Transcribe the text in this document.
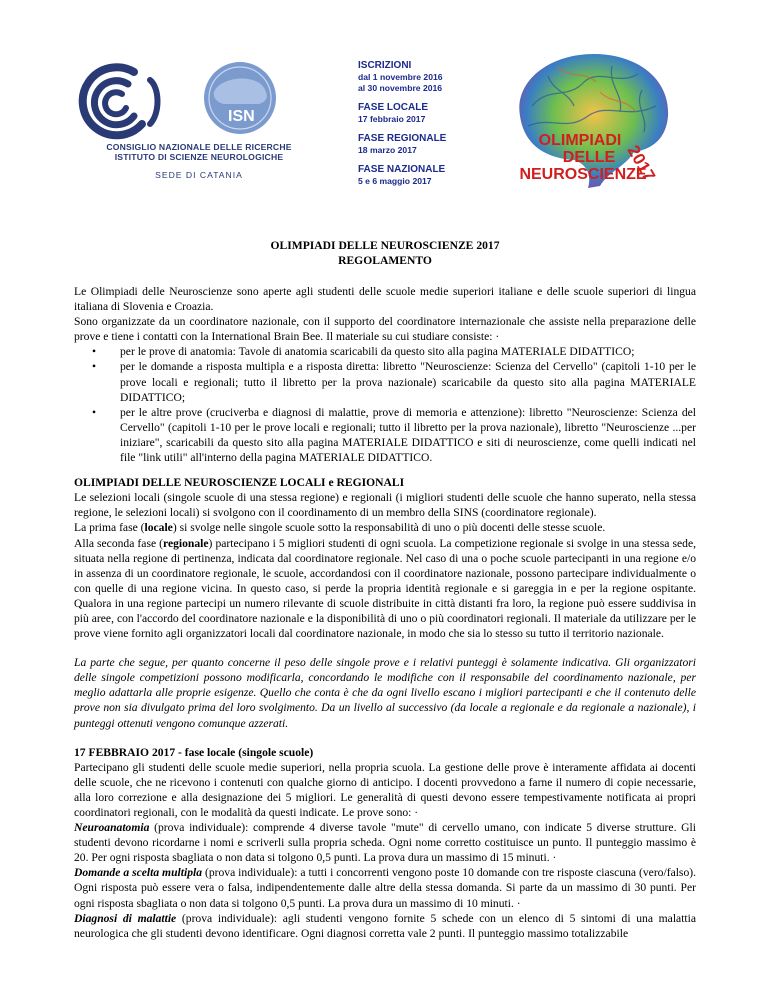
ISN
CONSIGLIO NAZIONALE DELLE RICERCHE
ISTITUTO DI SCIENZE NEUROLOGICHE
SEDE DI CATANIA
ISCRIZIONI
dal 1 novembre 2016
al 30 novembre 2016
FASE LOCALE
17 febbraio 2017
FASE REGIONALE
18 marzo 2017
FASE NAZIONALE
5 e 6 maggio 2017
OLIMPIADI
DELLE
NEUROSCIENZE
2017
OLIMPIADI DELLE NEUROSCIENZE 2017
REGOLAMENTO

Le Olimpiadi delle Neuroscienze sono aperte agli studenti delle scuole medie superiori italiane e delle scuole superiori di lingua italiana di Slovenia e Croazia.

Sono organizzate da un coordinatore nazionale, con il supporto del coordinatore internazionale che assiste nella preparazione delle prove e tiene i contatti con la International Brain Bee. Il materiale su cui studiare consiste: ·

• per le prove di anatomia: Tavole di anatomia scaricabili da questo sito alla pagina MATERIALE DIDATTICO;
• per le domande a risposta multipla e a risposta diretta: libretto "Neuroscienze: Scienza del Cervello" (capitoli 1-10 per le prove locali e regionali; tutto il libretto per la prova nazionale) scaricabile da questo sito alla pagina MATERIALE DIDATTICO;
• per le altre prove (cruciverba e diagnosi di malattie, prove di memoria e attenzione): libretto "Neuroscienze: Scienza del Cervello" (capitoli 1-10 per le prove locali e regionali; tutto il libretto per la prova nazionale), libretto "Neuroscienze ...per iniziare", scaricabili da questo sito alla pagina MATERIALE DIDATTICO e siti di neuroscienze, come quelli indicati nel file "link utili" all'interno della pagina MATERIALE DIDATTICO.

OLIMPIADI DELLE NEUROSCIENZE LOCALI e REGIONALI

Le selezioni locali (singole scuole di una stessa regione) e regionali (i migliori studenti delle scuole che hanno superato, nella stessa regione, le selezioni locali) si svolgono con il coordinamento di un membro della SINS (coordinatore regionale).

La prima fase (locale) si svolge nelle singole scuole sotto la responsabilità di uno o più docenti delle stesse scuole.

Alla seconda fase (regionale) partecipano i 5 migliori studenti di ogni scuola. La competizione regionale si svolge in una stessa sede, situata nella regione di pertinenza, indicata dal coordinatore regionale. Nel caso di una o poche scuole partecipanti in una regione e/o in assenza di un coordinatore regionale, le scuole, accordandosi con il coordinatore nazionale, possono partecipare individualmente o con quelle di una regione vicina. In questo caso, si perde la propria identità regionale e si gareggia in e per la regione ospitante. Qualora in una regione partecipi un numero rilevante di scuole distribuite in città distanti fra loro, la regione può essere suddivisa in più aree, con l'accordo del coordinatore nazionale e la disponibilità di uno o più coordinatori regionali. Il materiale da utilizzare per le prove viene fornito agli organizzatori locali dal coordinatore nazionale, in modo che sia lo stesso su tutto il territorio nazionale.

La parte che segue, per quanto concerne il peso delle singole prove e i relativi punteggi è solamente indicativa. Gli organizzatori delle singole competizioni possono modificarla, concordando le modifiche con il responsabile del coordinamento nazionale, per meglio adattarla alle proprie esigenze. Quello che conta è che da ogni livello escano i migliori partecipanti e che il contenuto delle prove non sia divulgato prima del loro svolgimento. Da un livello al successivo (da locale a regionale e da regionale a nazionale), i punteggi ottenuti vengono comunque azzerati.

17 FEBBRAIO 2017 - fase locale (singole scuole)

Partecipano gli studenti delle scuole medie superiori, nella propria scuola. La gestione delle prove è interamente affidata ai docenti delle scuole, che ne ricevono i contenuti con qualche giorno di anticipo. I docenti provvedono a farne il numero di copie necessarie, alla loro correzione e alla designazione dei 5 migliori. Le generalità di questi devono essere tempestivamente notificata ai propri coordinatori regionali, con le modalità da questi indicate. Le prove sono: ·

Neuroanatomia (prova individuale): comprende 4 diverse tavole "mute" di cervello umano, con indicate 5 diverse strutture. Gli studenti devono ricordarne i nomi e scriverli sulla propria scheda. Ogni nome corretto costituisce un punto. Il punteggio massimo è 20. Per ogni risposta sbagliata o non data si tolgono 0,5 punti. La prova dura un massimo di 15 minuti. ·

Domande a scelta multipla (prova individuale): a tutti i concorrenti vengono poste 10 domande con tre risposte ciascuna (vero/falso). Ogni risposta può essere vera o falsa, indipendentemente dalle altre della stessa domanda. Si parte da un massimo di 30 punti. Per ogni risposta sbagliata o non data si tolgono 0,5 punti. La prova dura un massimo di 10 minuti. ·

Diagnosi di malattie (prova individuale): agli studenti vengono fornite 5 schede con un elenco di 5 sintomi di una malattia neurologica che gli studenti devono identificare. Ogni diagnosi corretta vale 2 punti. Il punteggio massimo totalizzabile
